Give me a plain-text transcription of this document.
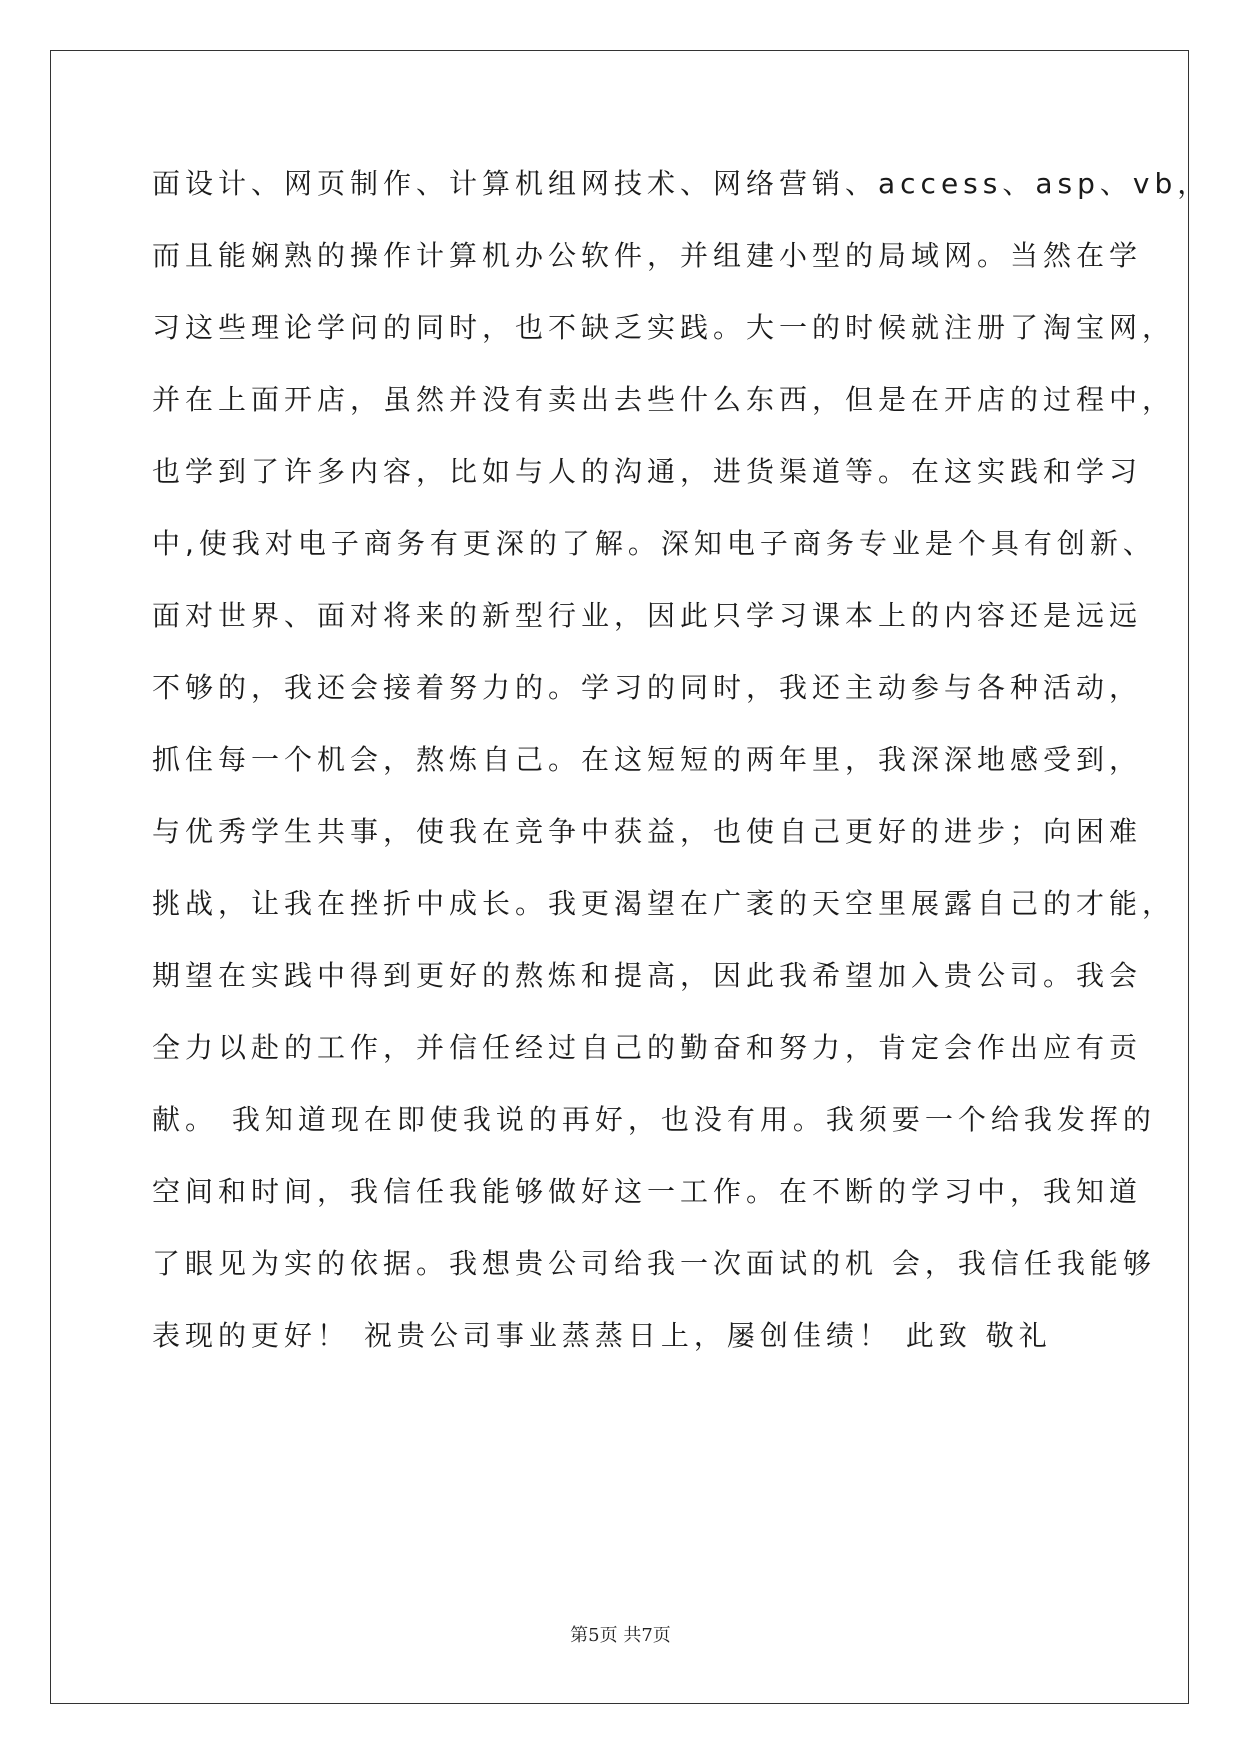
面设计、网页制作、计算机组网技术、网络营销、access、asp、vb，
而且能娴熟的操作计算机办公软件，并组建小型的局域网。当然在学
习这些理论学问的同时，也不缺乏实践。大一的时候就注册了淘宝网，
并在上面开店，虽然并没有卖出去些什么东西，但是在开店的过程中，
也学到了许多内容，比如与人的沟通，进货渠道等。在这实践和学习
中,使我对电子商务有更深的了解。深知电子商务专业是个具有创新、
面对世界、面对将来的新型行业，因此只学习课本上的内容还是远远
不够的，我还会接着努力的。学习的同时，我还主动参与各种活动，
抓住每一个机会，熬炼自己。在这短短的两年里，我深深地感受到，
与优秀学生共事，使我在竞争中获益，也使自己更好的进步；向困难
挑战，让我在挫折中成长。我更渴望在广袤的天空里展露自己的才能，
期望在实践中得到更好的熬炼和提高，因此我希望加入贵公司。我会
全力以赴的工作，并信任经过自己的勤奋和努力，肯定会作出应有贡
献。 我知道现在即使我说的再好，也没有用。我须要一个给我发挥的
空间和时间，我信任我能够做好这一工作。在不断的学习中，我知道
了眼见为实的依据。我想贵公司给我一次面试的机 会，我信任我能够
表现的更好！ 祝贵公司事业蒸蒸日上，屡创佳绩！ 此致 敬礼
第5页 共7页
